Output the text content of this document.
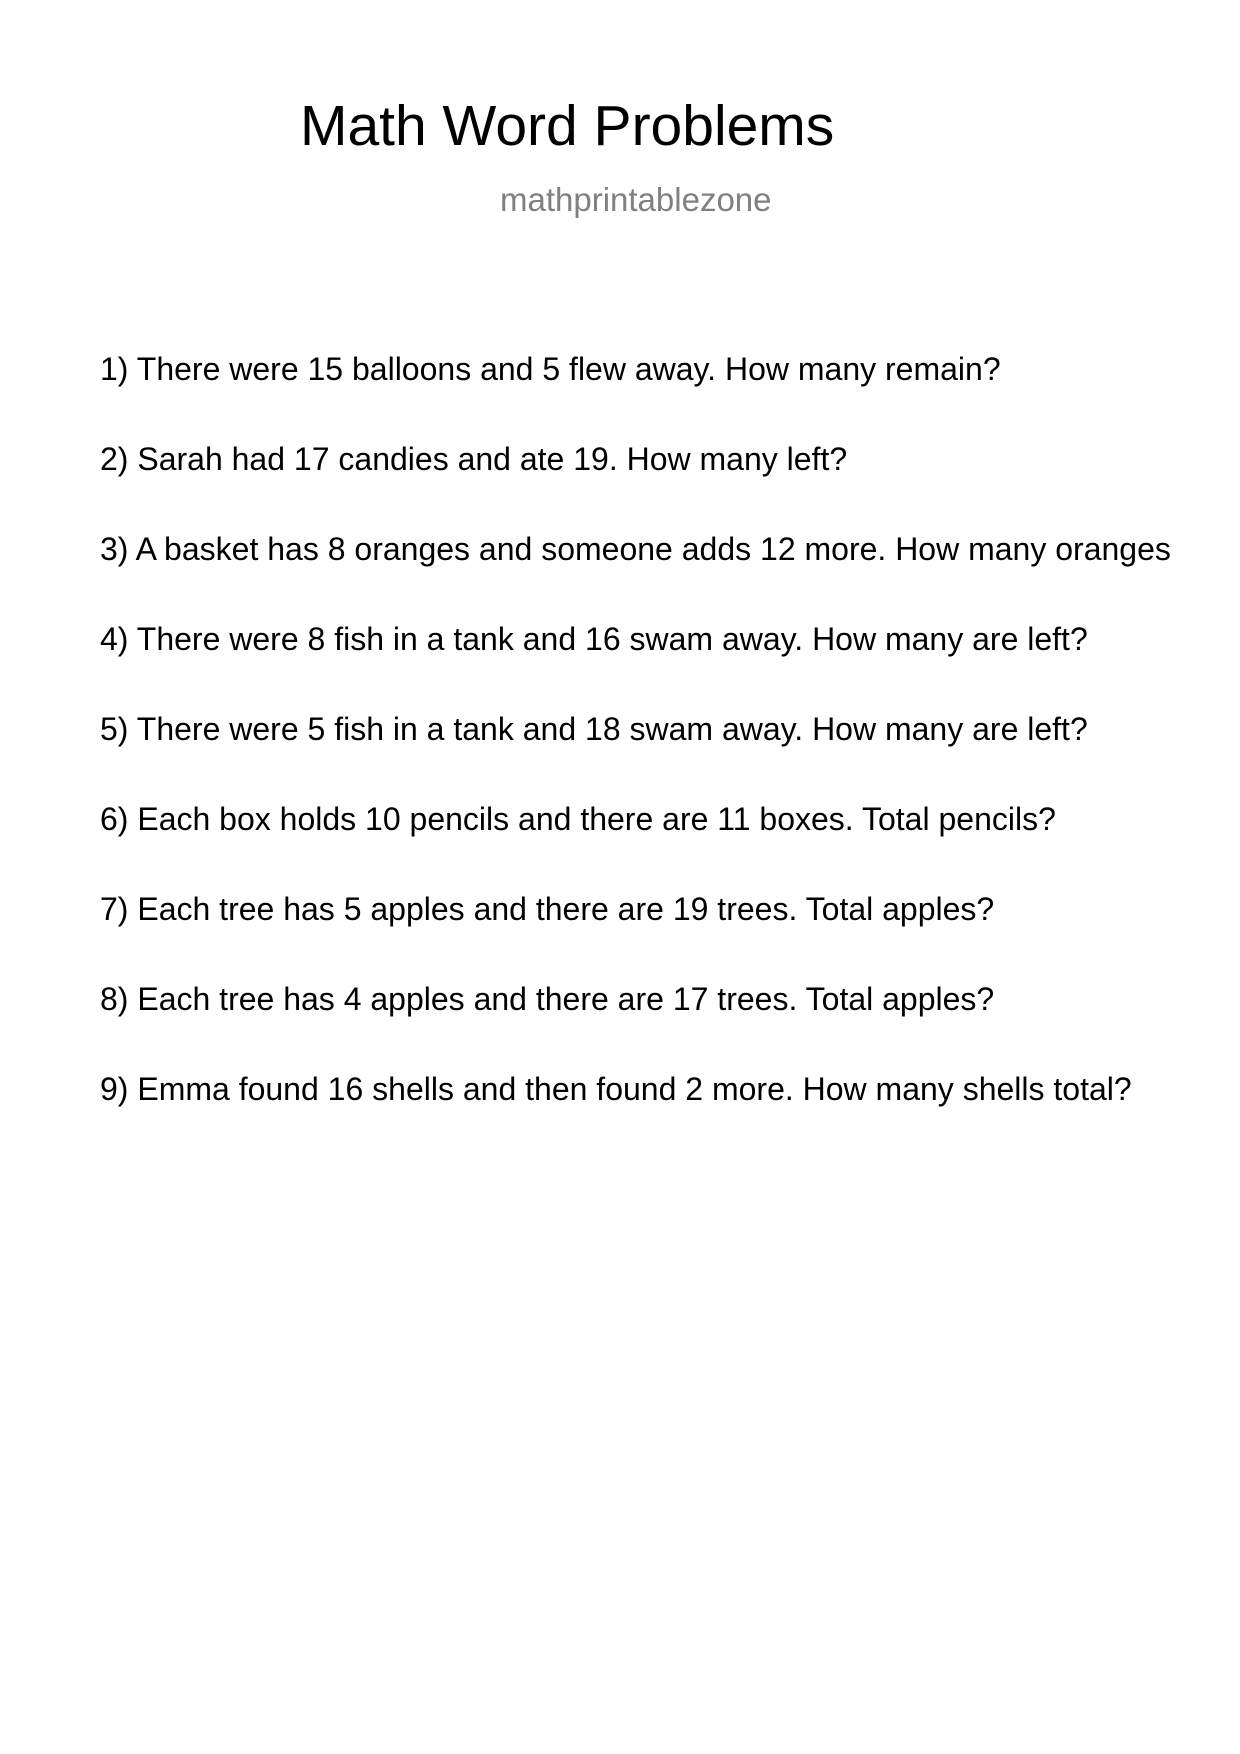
Math Word Problems
mathprintablezone
1) There were 15 balloons and 5 flew away. How many remain?
2) Sarah had 17 candies and ate 19. How many left?
3) A basket has 8 oranges and someone adds 12 more. How many oranges
4) There were 8 fish in a tank and 16 swam away. How many are left?
5) There were 5 fish in a tank and 18 swam away. How many are left?
6) Each box holds 10 pencils and there are 11 boxes. Total pencils?
7) Each tree has 5 apples and there are 19 trees. Total apples?
8) Each tree has 4 apples and there are 17 trees. Total apples?
9) Emma found 16 shells and then found 2 more. How many shells total?
